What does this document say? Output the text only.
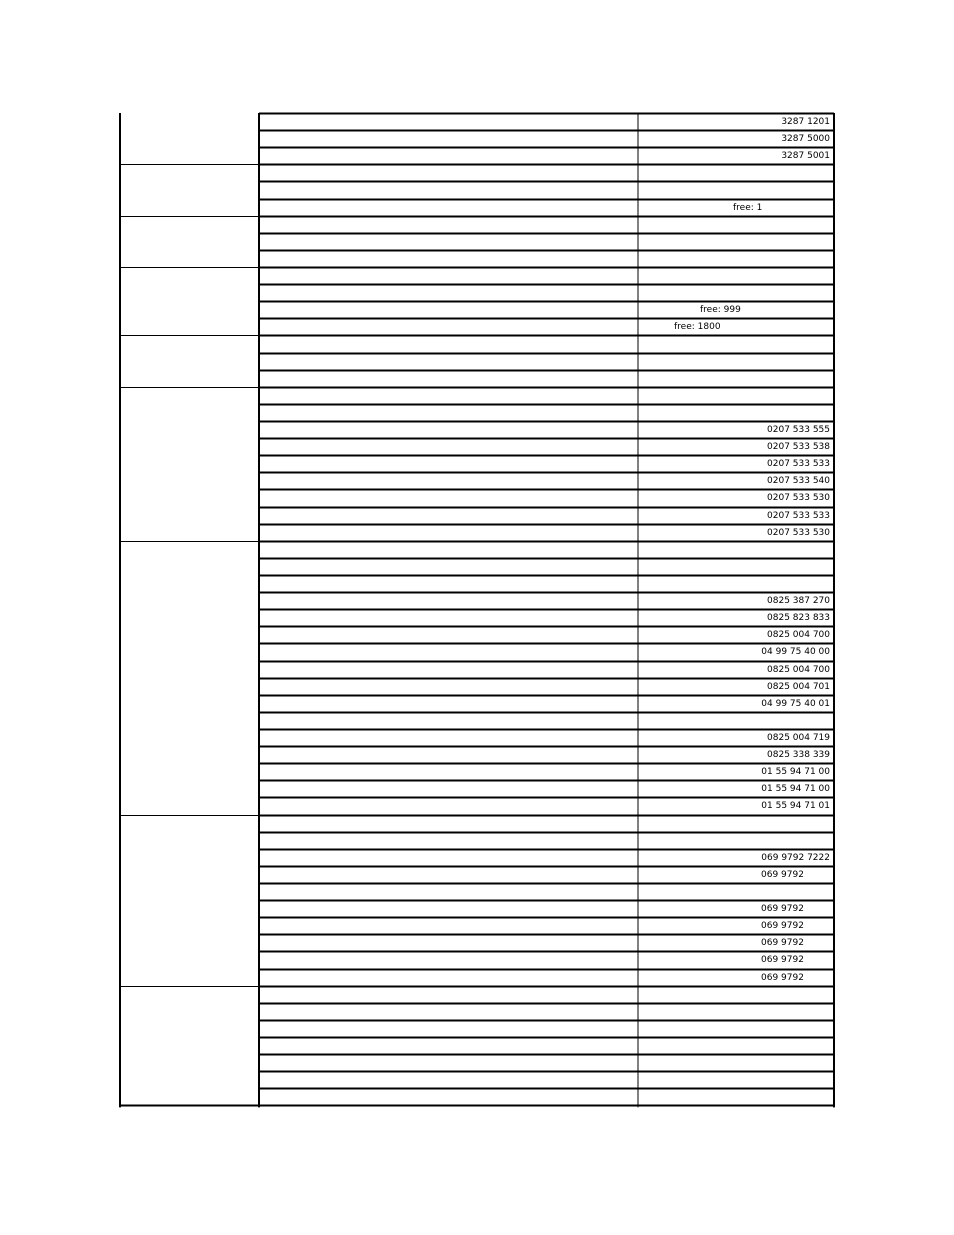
3287 1201
3287 5000
3287 5001
free: 1
free: 999
free: 1800
0207 533 555
0207 533 538
0207 533 533
0207 533 540
0207 533 530
0207 533 533
0207 533 530
0825 387 270
0825 823 833
0825 004 700
04 99 75 40 00
0825 004 700
0825 004 701
04 99 75 40 01
0825 004 719
0825 338 339
01 55 94 71 00
01 55 94 71 00
01 55 94 71 01
069 9792 7222
069 9792
069 9792
069 9792
069 9792
069 9792
069 9792
